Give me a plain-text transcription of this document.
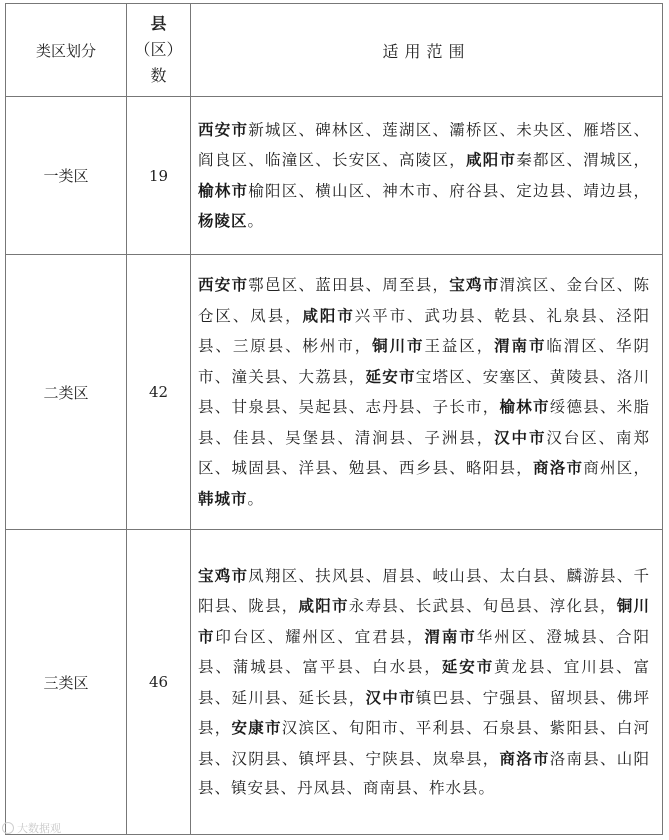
类区划分	县
（区）
数	适用范围
一类区	19	西安市新城区、碑林区、莲湖区、灞桥区、未央区、雁塔区、阎良区、临潼区、长安区、高陵区，咸阳市秦都区、渭城区，榆林市榆阳区、横山区、神木市、府谷县、定边县、靖边县，杨陵区。
二类区	42	西安市鄠邑区、蓝田县、周至县，宝鸡市渭滨区、金台区、陈仓区、凤县，咸阳市兴平市、武功县、乾县、礼泉县、泾阳县、三原县、彬州市，铜川市王益区，渭南市临渭区、华阴市、潼关县、大荔县，延安市宝塔区、安塞区、黄陵县、洛川县、甘泉县、吴起县、志丹县、子长市，榆林市绥德县、米脂县、佳县、吴堡县、清涧县、子洲县，汉中市汉台区、南郑区、城固县、洋县、勉县、西乡县、略阳县，商洛市商州区，韩城市。
三类区	46	宝鸡市凤翔区、扶风县、眉县、岐山县、太白县、麟游县、千阳县、陇县，咸阳市永寿县、长武县、旬邑县、淳化县，铜川市印台区、耀州区、宜君县，渭南市华州区、澄城县、合阳县、蒲城县、富平县、白水县，延安市黄龙县、宜川县、富县、延川县、延长县，汉中市镇巴县、宁强县、留坝县、佛坪县，安康市汉滨区、旬阳市、平利县、石泉县、紫阳县、白河县、汉阴县、镇坪县、宁陕县、岚皋县，商洛市洛南县、山阳县、镇安县、丹凤县、商南县、柞水县。
大数据观
